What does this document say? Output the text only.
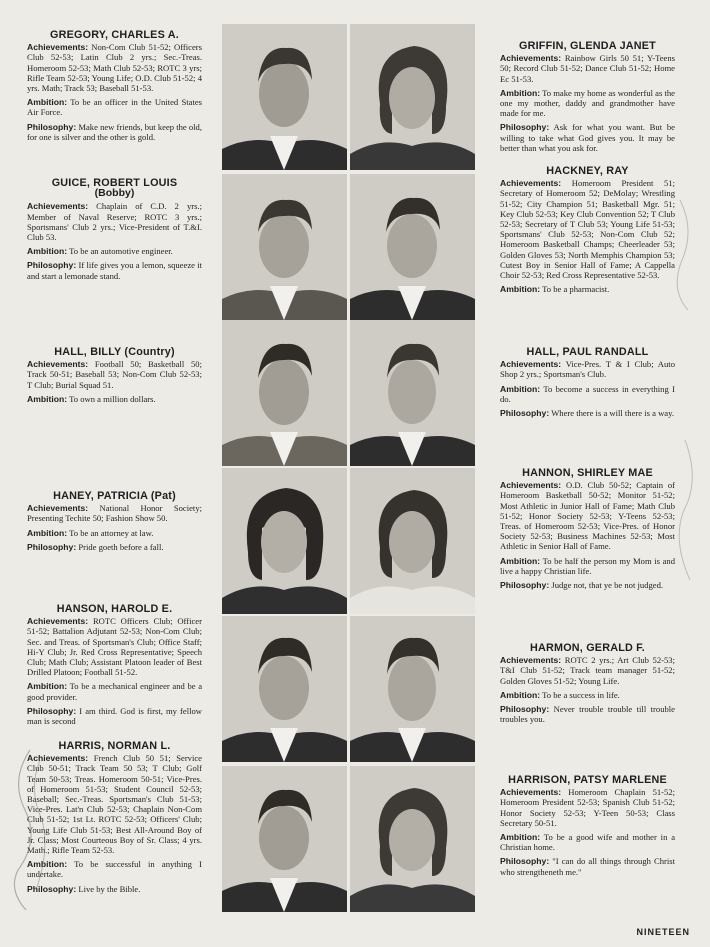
GREGORY, CHARLES A.

Achievements: Non-Com Club 51-52; Officers Club 52-53; Latin Club 2 yrs.; Sec.-Treas. Homeroom 52-53; Math Club 52-53; ROTC 3 yrs; Rifle Team 52-53; Young Life; O.D. Club 51-52; 4 yrs. Math; Track 53; Baseball 51-53.

Ambition: To be an officer in the United States Air Force.

Philosophy: Make new friends, but keep the old, for one is silver and the other is gold.

GUICE, ROBERT LOUIS
(Bobby)

Achievements: Chaplain of C.D. 2 yrs.; Member of Naval Reserve; ROTC 3 yrs.; Sportsmans' Club 2 yrs.; Vice-President of T.&I. Club 53.

Ambition: To be an automotive engineer.

Philosophy: If life gives you a lemon, squeeze it and start a lemonade stand.

HALL, BILLY (Country)

Achievements: Football 50; Basketball 50; Track 50-51; Baseball 53; Non-Com Club 52-53; T Club; Burial Squad 51.

Ambition: To own a million dollars.

HANEY, PATRICIA (Pat)

Achievements: National Honor Society; Presenting Techite 50; Fashion Show 50.

Ambition: To be an attorney at law.

Philosophy: Pride goeth before a fall.

HANSON, HAROLD E.

Achievements: ROTC Officers Club; Officer 51-52; Battalion Adjutant 52-53; Non-Com Club; Sec. and Treas. of Sportsman's Club; Office Staff; Hi-Y Club; Jr. Red Cross Representative; Speech Club; Math Club; Assistant Platoon leader of Best Drilled Platoon; Football 51-52.

Ambition: To be a mechanical engineer and be a good provider.

Philosophy: I am third. God is first, my fellow man is second

HARRIS, NORMAN L.

Achievements: French Club 50 51; Service Club 50-51; Track Team 50 53; T Club; Golf Team 50-53; Treas. Homeroom 50-51; Vice-Pres. of Homeroom 51-53; Student Council 52-53; Baseball; Sec.-Treas. Sportsman's Club 51-53; Vice-Pres. Lat'n Club 52-53; Chaplain Non-Com Club 51-52; 1st Lt. ROTC 52-53; Officers' Club; Young Life Club 51-53; Best All-Around Boy of Jr. Class; Most Courteous Boy of Sr. Class; 4 yrs. Math.; Rifle Team 52-53.

Ambition: To be successful in anything I undertake.

Philosophy: Live by the Bible.

GRIFFIN, GLENDA JANET

Achievements: Rainbow Girls 50 51; Y-Teens 50; Record Club 51-52; Dance Club 51-52; Home Ec 51-53.

Ambition: To make my home as wonderful as the one my mother, daddy and grandmother have made for me.

Philosophy: Ask for what you want. But be willing to take what God gives you. It may be better than what you ask for.

HACKNEY, RAY

Achievements: Homeroom President 51; Secretary of Homeroom 52; DeMolay; Wrestling 51-52; City Champion 51; Basketball Mgr. 51; Key Club 52-53; Key Club Convention 52; T Club 52-53; Secretary of T Club 53; Young Life 51-53; Sportsmans' Club 52-53; Non-Com Club 52; Homeroom Basketball Champs; Cheerleader 53; Golden Gloves 53; North Memphis Champion 53; Cutest Boy in Senior Hall of Fame; A Cappella Choir 52-53; Red Cross Representative 52-53.

Ambition: To be a pharmacist.

HALL, PAUL RANDALL

Achievements: Vice-Pres. T & I Club; Auto Shop 2 yrs.; Sportsman's Club.

Ambition: To become a success in everything I do.

Philosophy: Where there is a will there is a way.

HANNON, SHIRLEY MAE

Achievements: O.D. Club 50-52; Captain of Homeroom Basketball 50-52; Monitor 51-52; Most Athletic in Junior Hall of Fame; Math Club 51-52; Honor Society 52-53; Y-Teens 52-53; Treas. of Homeroom 52-53; Vice-Pres. of Honor Society 52-53; Business Machines 52-53; Most Athletic in Senior Hall of Fame.

Ambition: To be half the person my Mom is and live a happy Christian life.

Philosophy: Judge not, that ye be not judged.

HARMON, GERALD F.

Achievements: ROTC 2 yrs.; Art Club 52-53; T&I Club 51-52; Track team manager 51-52; Golden Gloves 51-52; Young Life.

Ambition: To be a success in life.

Philosophy: Never trouble trouble till trouble troubles you.

HARRISON, PATSY MARLENE

Achievements: Homeroom Chaplain 51-52; Homeroom President 52-53; Spanish Club 51-52; Honor Society 52-53; Y-Teen 50-53; Class Secretary 50-51.

Ambition: To be a good wife and mother in a Christian home.

Philosophy: "I can do all things through Christ who strengtheneth me."

NINETEEN
